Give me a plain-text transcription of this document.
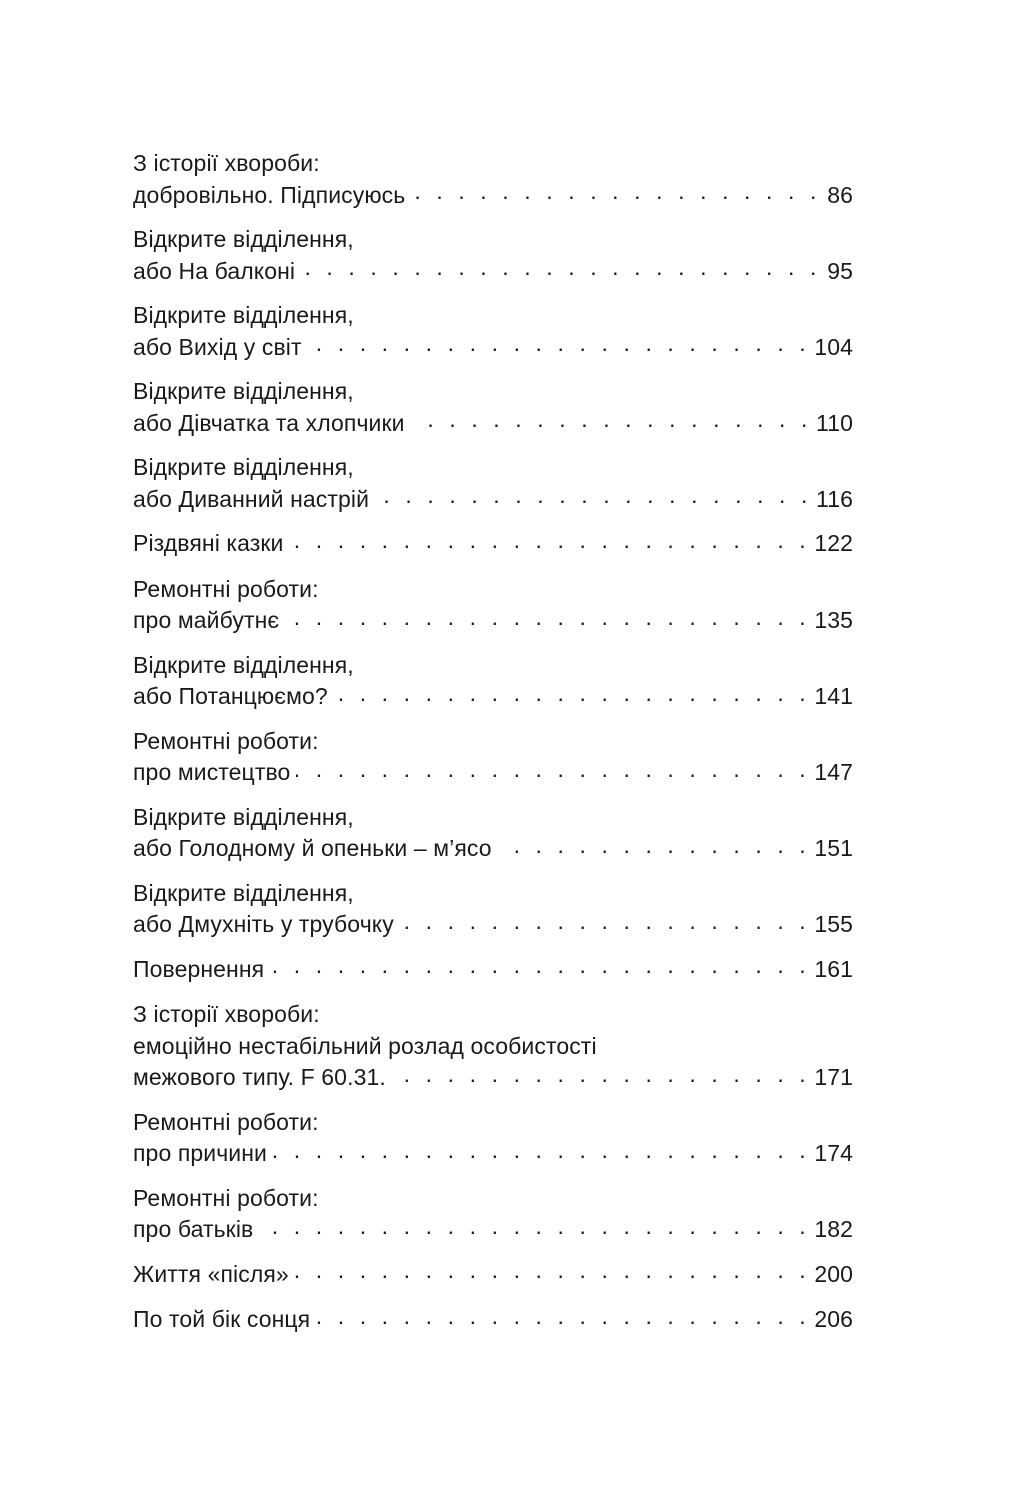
З історії хвороби:
добровільно. Підписуюсь . . .	86
Відкрите відділення,
або На балконі . . .	95
Відкрите відділення,
або Вихід у світ . . .	104
Відкрите відділення,
або Дівчатка та хлопчики . . .	110
Відкрите відділення,
або Диванний настрій . . .	116
Різдвяні казки . . .	122
Ремонтні роботи:
про майбутнє . . .	135
Відкрите відділення,
або Потанцюємо? . . .	141
Ремонтні роботи:
про мистецтво . . .	147
Відкрите відділення,
або Голодному й опеньки – м’ясо . . .	151
Відкрите відділення,
або Дмухніть у трубочку . . .	155
Повернення . . .	161
З історії хвороби:
емоційно нестабільний розлад особистості
межового типу. F 60.31. . . .	171
Ремонтні роботи:
про причини . . .	174
Ремонтні роботи:
про батьків . . .	182
Життя «після» . . .	200
По той бік сонця . . .	206
